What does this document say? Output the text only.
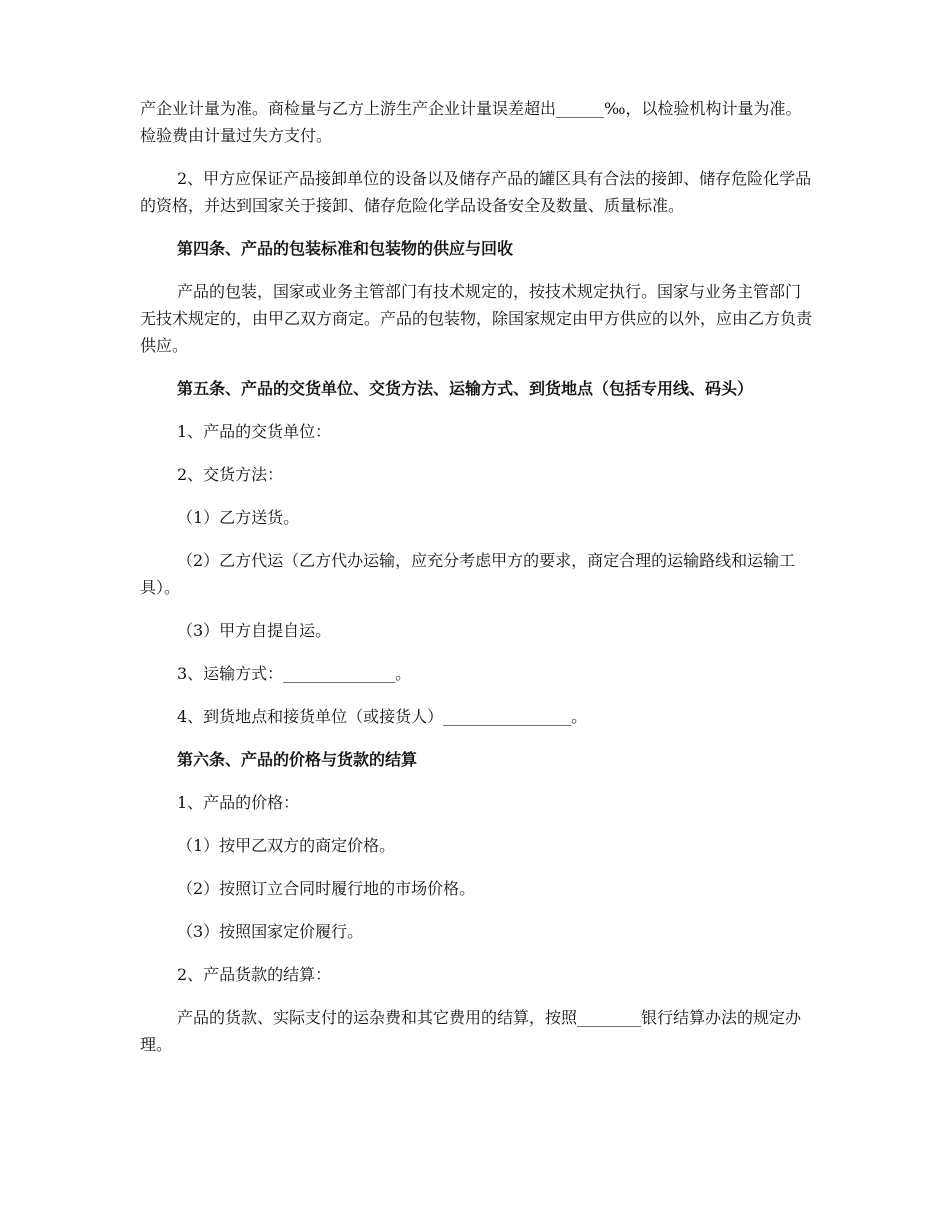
产企业计量为准。商检量与乙方上游生产企业计量误差超出______‰，以检验机构计量为准。检验费由计量过失方支付。

2、甲方应保证产品接卸单位的设备以及储存产品的罐区具有合法的接卸、储存危险化学品的资格，并达到国家关于接卸、储存危险化学品设备安全及数量、质量标准。

第四条、产品的包装标准和包装物的供应与回收

产品的包装，国家或业务主管部门有技术规定的，按技术规定执行。国家与业务主管部门无技术规定的，由甲乙双方商定。产品的包装物，除国家规定由甲方供应的以外，应由乙方负责供应。

第五条、产品的交货单位、交货方法、运输方式、到货地点（包括专用线、码头）

1、产品的交货单位：

2、交货方法：

（1）乙方送货。

（2）乙方代运（乙方代办运输，应充分考虑甲方的要求，商定合理的运输路线和运输工具）。

（3）甲方自提自运。

3、运输方式：______________。

4、到货地点和接货单位（或接货人）________________。

第六条、产品的价格与货款的结算

1、产品的价格：

（1）按甲乙双方的商定价格。

（2）按照订立合同时履行地的市场价格。

（3）按照国家定价履行。

2、产品货款的结算：

产品的货款、实际支付的运杂费和其它费用的结算，按照________银行结算办法的规定办理。
